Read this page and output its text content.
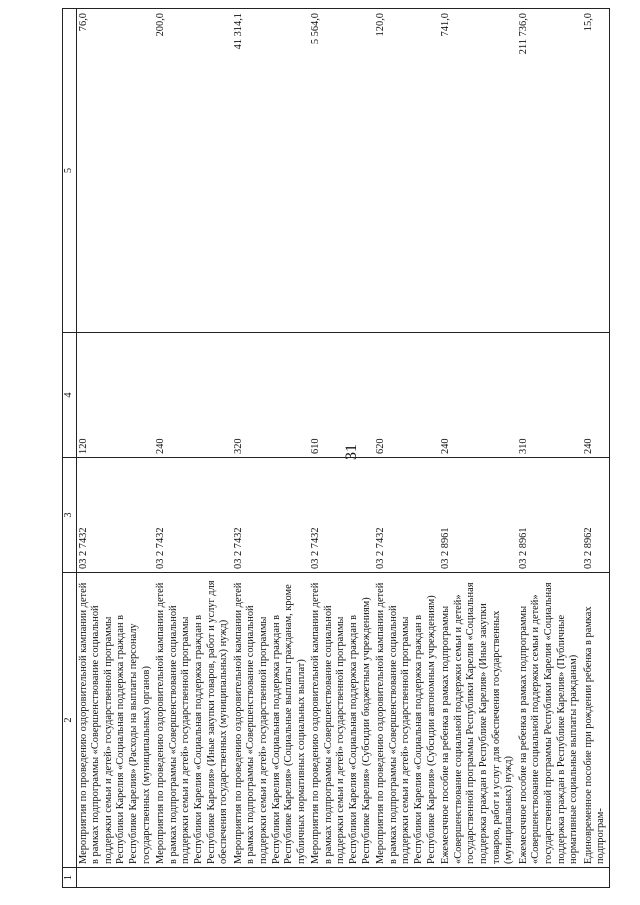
31
1	2	3	4	5
	Мероприятия по проведению оздоровительной кампании детей в рамках подпрограммы «Совершенствование социальной поддержки семьи и детей» государственной программы Республики Карелия «Социальная поддержка граждан в Республике Карелия» (Расходы на выплаты персоналу государственных (муниципальных) органов)	03 2 7432	120	76,0
	Мероприятия по проведению оздоровительной кампании детей в рамках подпрограммы «Совершенствование социальной поддержки семьи и детей» государственной программы Республики Карелия «Социальная поддержка граждан в Республике Карелия» (Иные закупки товаров, работ и услуг для обеспечения государственных (муниципальных) нужд)	03 2 7432	240	200,0
	Мероприятия по проведению оздоровительной кампании детей в рамках подпрограммы «Совершенствование социальной поддержки семьи и детей» государственной программы Республики Карелия «Социальная поддержка граждан в Республике Карелия» (Социальные выплаты гражданам, кроме публичных нормативных социальных выплат)	03 2 7432	320	41 314,1
	Мероприятия по проведению оздоровительной кампании детей в рамках подпрограммы «Совершенствование социальной поддержки семьи и детей» государственной программы Республики Карелия «Социальная поддержка граждан в Республике Карелия» (Субсидии бюджетным учреждениям)	03 2 7432	610	5 564,0
	Мероприятия по проведению оздоровительной кампании детей в рамках подпрограммы «Совершенствование социальной поддержки семьи и детей» государственной программы Республики Карелия «Социальная поддержка граждан в Республике Карелия» (Субсидии автономным учреждениям)	03 2 7432	620	120,0
	Ежемесячное пособие на ребенка в рамках подпрограммы «Совершенствование социальной поддержки семьи и детей» государственной программы Республики Карелия «Социальная поддержка граждан в Республике Карелия» (Иные закупки товаров, работ и услуг для обеспечения государственных (муниципальных) нужд)	03 2 8961	240	741,0
	Ежемесячное пособие на ребенка в рамках подпрограммы «Совершенствование социальной поддержки семьи и детей» государственной программы Республики Карелия «Социальная поддержка граждан в Республике Карелия» (Публичные нормативные социальные выплаты гражданам)	03 2 8961	310	211 736,0
	Единовременное пособие при рождении ребенка в рамках подпрограм-	03 2 8962	240	15,0
